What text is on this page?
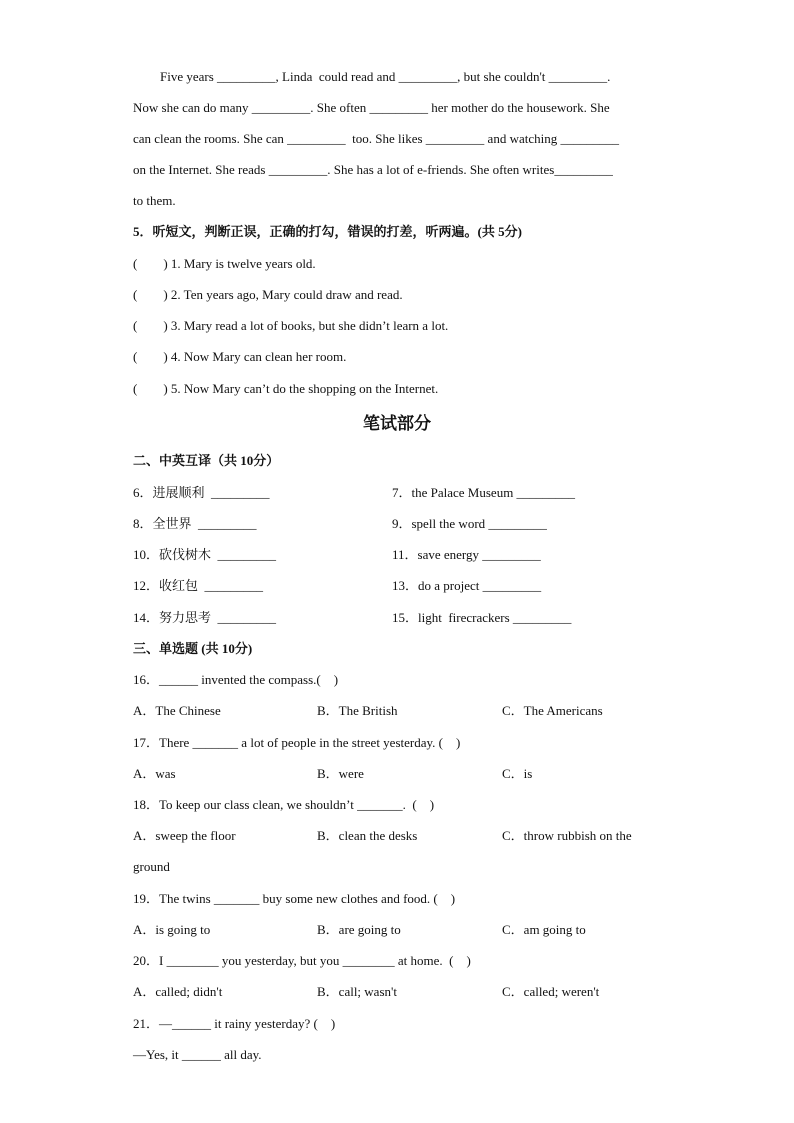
Five years _________, Linda  could read and _________, but she couldn't _________.
Now she can do many _________. She often _________ her mother do the housework. She
can clean the rooms. She can _________  too. She likes _________ and watching _________
on the Internet. She reads _________. She has a lot of e-friends. She often writes_________
to them.
5．听短文，判断正误，正确的打勾，错误的打差，听两遍。(共 5分)
(        ) 1. Mary is twelve years old.
(        ) 2. Ten years ago, Mary could draw and read.
(        ) 3. Mary read a lot of books, but she didn’t learn a lot.
(        ) 4. Now Mary can clean her room.
(        ) 5. Now Mary can’t do the shopping on the Internet.
笔试部分
二、中英互译（共 10分）
6．进展顺利  _________	7．the Palace Museum _________
8．全世界  _________	9．spell the word _________
10．砍伐树木  _________	11．save energy _________
12．收红包  _________	13．do a project _________
14．努力思考  _________	15．light  firecrackers _________
三、单选题 (共 10分)
16．______ invented the compass.(    )
A．The Chinese	B．The British	C．The Americans
17．There _______ a lot of people in the street yesterday. (    )
A．was	B．were	C．is
18．To keep our class clean, we shouldn’t _______.  (    )
A．sweep the floor	B．clean the desks	C．throw rubbish on the
ground
19．The twins _______ buy some new clothes and food. (    )
A．is going to	B．are going to	C．am going to
20．I ________ you yesterday, but you ________ at home.  (    )
A．called; didn't	B．call; wasn't	C．called; weren't
21．—______ it rainy yesterday? (    )
—Yes, it ______ all day.
